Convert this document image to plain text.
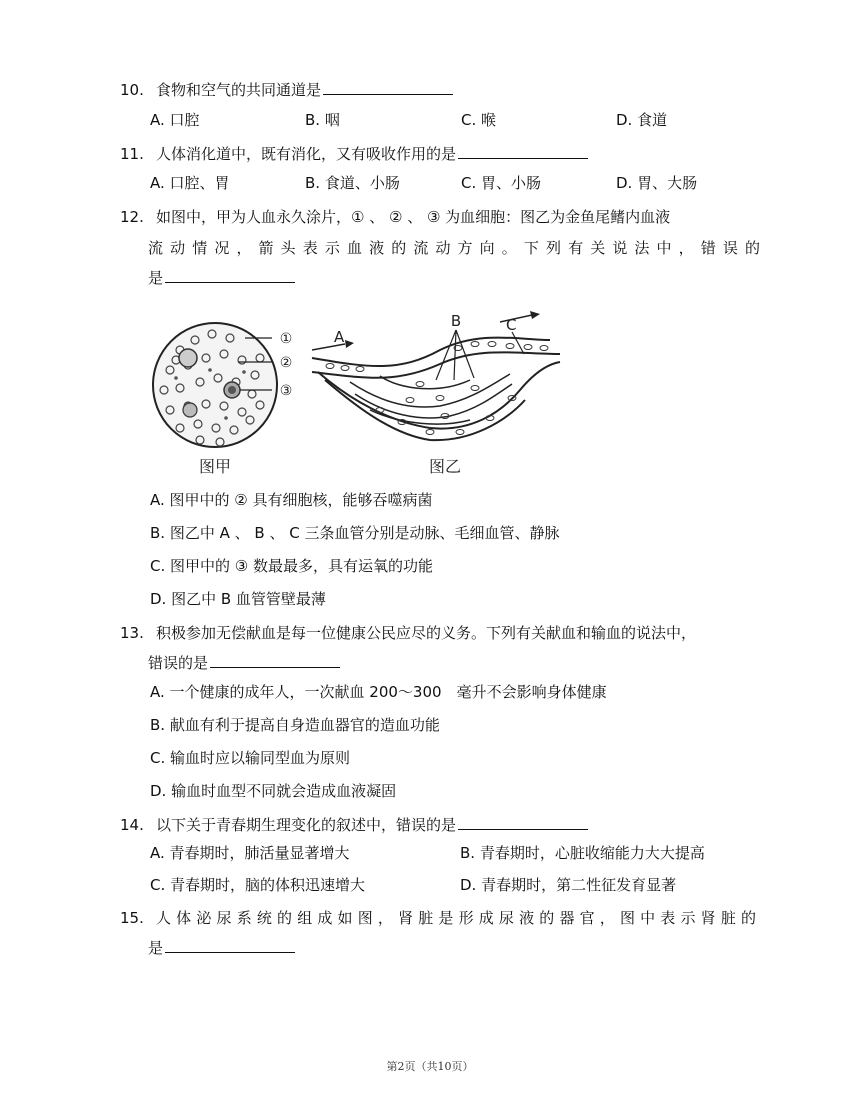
10. 食物和空气的共同通道是
A. 口腔	B. 咽	C. 喉	D. 食道
11. 人体消化道中，既有消化，又有吸收作用的是
A. 口腔、胃	B. 食道、小肠	C. 胃、小肠	D. 胃、大肠
12. 如图中，甲为人血永久涂片，① 、 ② 、 ③ 为血细胞：图乙为金鱼尾鳍内血液
流 动 情 况 ， 箭 头 表 示 血 液 的 流 动 方 向 。 下 列 有 关 说 法 中 ， 错 误 的
是
①
②
③
图甲
A
B	C
图乙
A. 图甲中的 ② 具有细胞核，能够吞噬病菌
B. 图乙中 A 、 B 、 C 三条血管分别是动脉、毛细血管、静脉
C. 图甲中的 ③ 数最最多，具有运氧的功能
D. 图乙中 B 血管管壁最薄
13. 积极参加无偿献血是每一位健康公民应尽的义务。下列有关献血和输血的说法中，
错误的是
A. 一个健康的成年人，一次献血 200～300　毫升不会影响身体健康
B. 献血有利于提高自身造血器官的造血功能
C. 输血时应以输同型血为原则
D. 输血时血型不同就会造成血液凝固
14. 以下关于青春期生理变化的叙述中，错误的是
A. 青春期时，肺活量显著增大	B. 青春期时，心脏收缩能力大大提高
C. 青春期时，脑的体积迅速增大	D. 青春期时，第二性征发育显著
15. 人 体 泌 尿 系 统 的 组 成 如 图 ， 肾 脏 是 形 成 尿 液 的 器 官 ， 图 中 表 示 肾 脏 的
是
第2页（共10页）
